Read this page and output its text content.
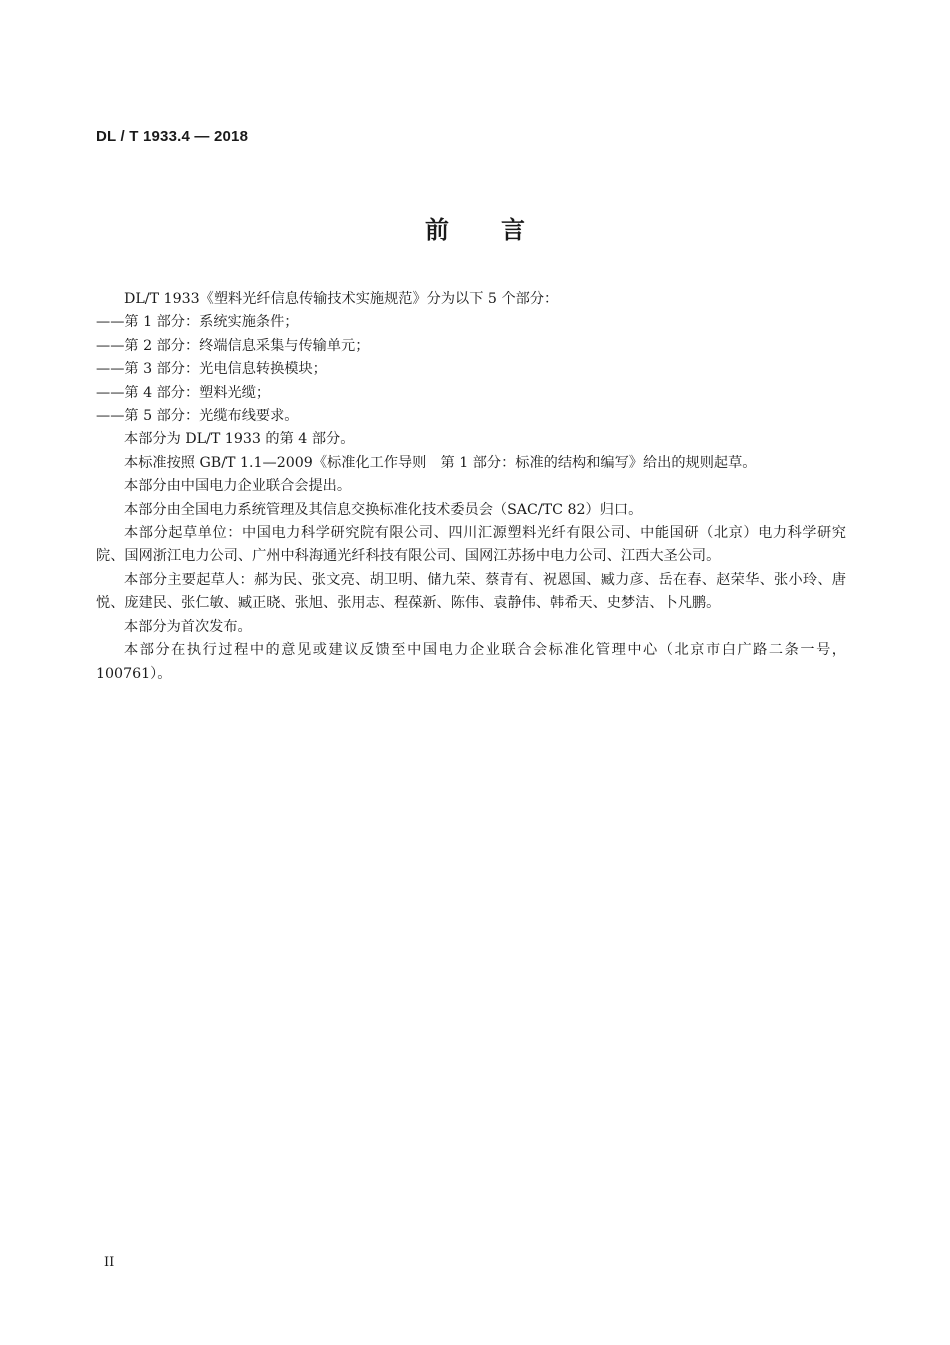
DL / T 1933.4 — 2018
前言

DL/T 1933《塑料光纤信息传输技术实施规范》分为以下 5 个部分：

——第 1 部分：系统实施条件；

——第 2 部分：终端信息采集与传输单元；

——第 3 部分：光电信息转换模块；

——第 4 部分：塑料光缆；

——第 5 部分：光缆布线要求。

本部分为 DL/T 1933 的第 4 部分。

本标准按照 GB/T 1.1—2009《标准化工作导则　第 1 部分：标准的结构和编写》给出的规则起草。

本部分由中国电力企业联合会提出。

本部分由全国电力系统管理及其信息交换标准化技术委员会（SAC/TC 82）归口。

本部分起草单位：中国电力科学研究院有限公司、四川汇源塑料光纤有限公司、中能国研（北京）电力科学研究院、国网浙江电力公司、广州中科海通光纤科技有限公司、国网江苏扬中电力公司、江西大圣公司。

本部分主要起草人：郝为民、张文亮、胡卫明、储九荣、蔡青有、祝恩国、臧力彦、岳在春、赵荣华、张小玲、唐悦、庞建民、张仁敏、臧正晓、张旭、张用志、程葆新、陈伟、袁静伟、韩希天、史梦洁、卜凡鹏。

本部分为首次发布。

本部分在执行过程中的意见或建议反馈至中国电力企业联合会标准化管理中心（北京市白广路二条一号，100761）。

II
